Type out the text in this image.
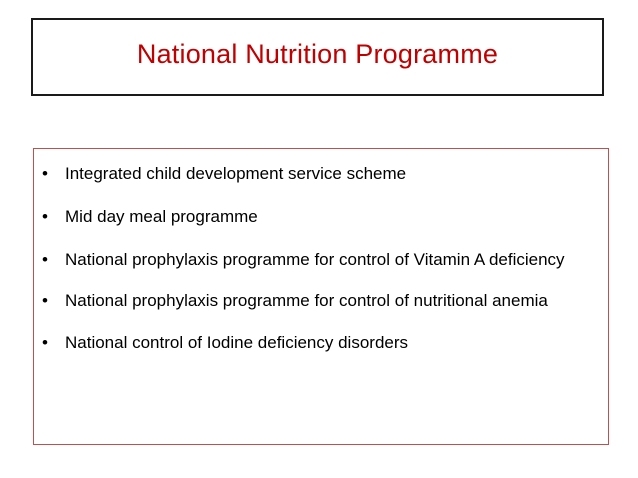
National Nutrition Programme
•	Integrated child development service scheme
•	Mid day meal programme
•	National prophylaxis programme for control of Vitamin A deficiency
•	National prophylaxis programme for control of nutritional anemia
•	National control of Iodine deficiency disorders
